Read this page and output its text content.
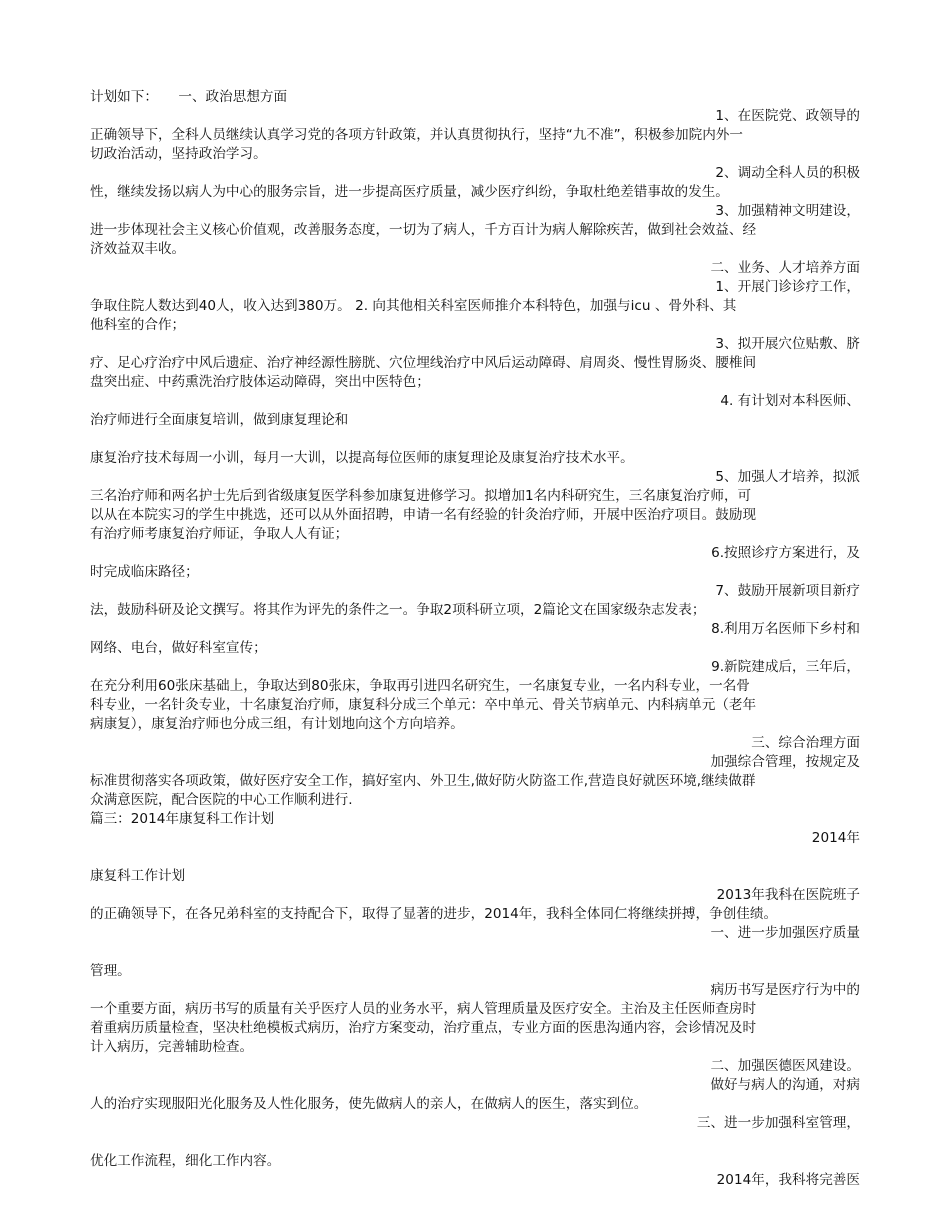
计划如下：　　一、政治思想方面
1、在医院党、政领导的
正确领导下，全科人员继续认真学习党的各项方针政策，并认真贯彻执行，坚持“九不准”，积极参加院内外一
切政治活动，坚持政治学习。
2、调动全科人员的积极
性，继续发扬以病人为中心的服务宗旨，进一步提高医疗质量，减少医疗纠纷，争取杜绝差错事故的发生。
3、加强精神文明建设，
进一步体现社会主义核心价值观，改善服务态度，一切为了病人，千方百计为病人解除疾苦，做到社会效益、经
济效益双丰收。
二、业务、人才培养方面
1、开展门诊诊疗工作，
争取住院人数达到40人，收入达到380万。 2. 向其他相关科室医师推介本科特色，加强与icu 、骨外科、其
他科室的合作；
3、拟开展穴位贴敷、脐
疗、足心疗治疗中风后遗症、治疗神经源性膀胱、穴位埋线治疗中风后运动障碍、肩周炎、慢性胃肠炎、腰椎间
盘突出症、中药熏洗治疗肢体运动障碍，突出中医特色；
4. 有计划对本科医师、
治疗师进行全面康复培训，做到康复理论和
康复治疗技术每周一小训，每月一大训，以提高每位医师的康复理论及康复治疗技术水平。
5、加强人才培养，拟派
三名治疗师和两名护士先后到省级康复医学科参加康复进修学习。拟增加1名内科研究生，三名康复治疗师，可
以从在本院实习的学生中挑选，还可以从外面招聘，申请一名有经验的针灸治疗师，开展中医治疗项目。鼓励现
有治疗师考康复治疗师证，争取人人有证；
6.按照诊疗方案进行，及
时完成临床路径；
7、鼓励开展新项目新疗
法，鼓励科研及论文撰写。将其作为评先的条件之一。争取2项科研立项，2篇论文在国家级杂志发表；
8.利用万名医师下乡村和
网络、电台，做好科室宣传；
9.新院建成后，三年后，
在充分利用60张床基础上，争取达到80张床，争取再引进四名研究生，一名康复专业，一名内科专业，一名骨
科专业，一名针灸专业，十名康复治疗师，康复科分成三个单元：卒中单元、骨关节病单元、内科病单元（老年
病康复），康复治疗师也分成三组，有计划地向这个方向培养。
三、综合治理方面
加强综合管理，按规定及
标准贯彻落实各项政策，做好医疗安全工作，搞好室内、外卫生,做好防火防盗工作,营造良好就医环境,继续做群
众满意医院，配合医院的中心工作顺利进行.
篇三：2014年康复科工作计划
2014年
康复科工作计划
2013年我科在医院班子
的正确领导下，在各兄弟科室的支持配合下，取得了显著的进步，2014年，我科全体同仁将继续拼搏，争创佳绩。
一、进一步加强医疗质量
管理。
病历书写是医疗行为中的
一个重要方面，病历书写的质量有关乎医疗人员的业务水平，病人管理质量及医疗安全。主治及主任医师查房时
着重病历质量检查，坚决杜绝模板式病历，治疗方案变动，治疗重点，专业方面的医患沟通内容，会诊情况及时
计入病历，完善辅助检查。
二、加强医德医风建设。
做好与病人的沟通，对病
人的治疗实现服阳光化服务及人性化服务，使先做病人的亲人，在做病人的医生，落实到位。
三、进一步加强科室管理，
优化工作流程，细化工作内容。
2014年，我科将完善医
